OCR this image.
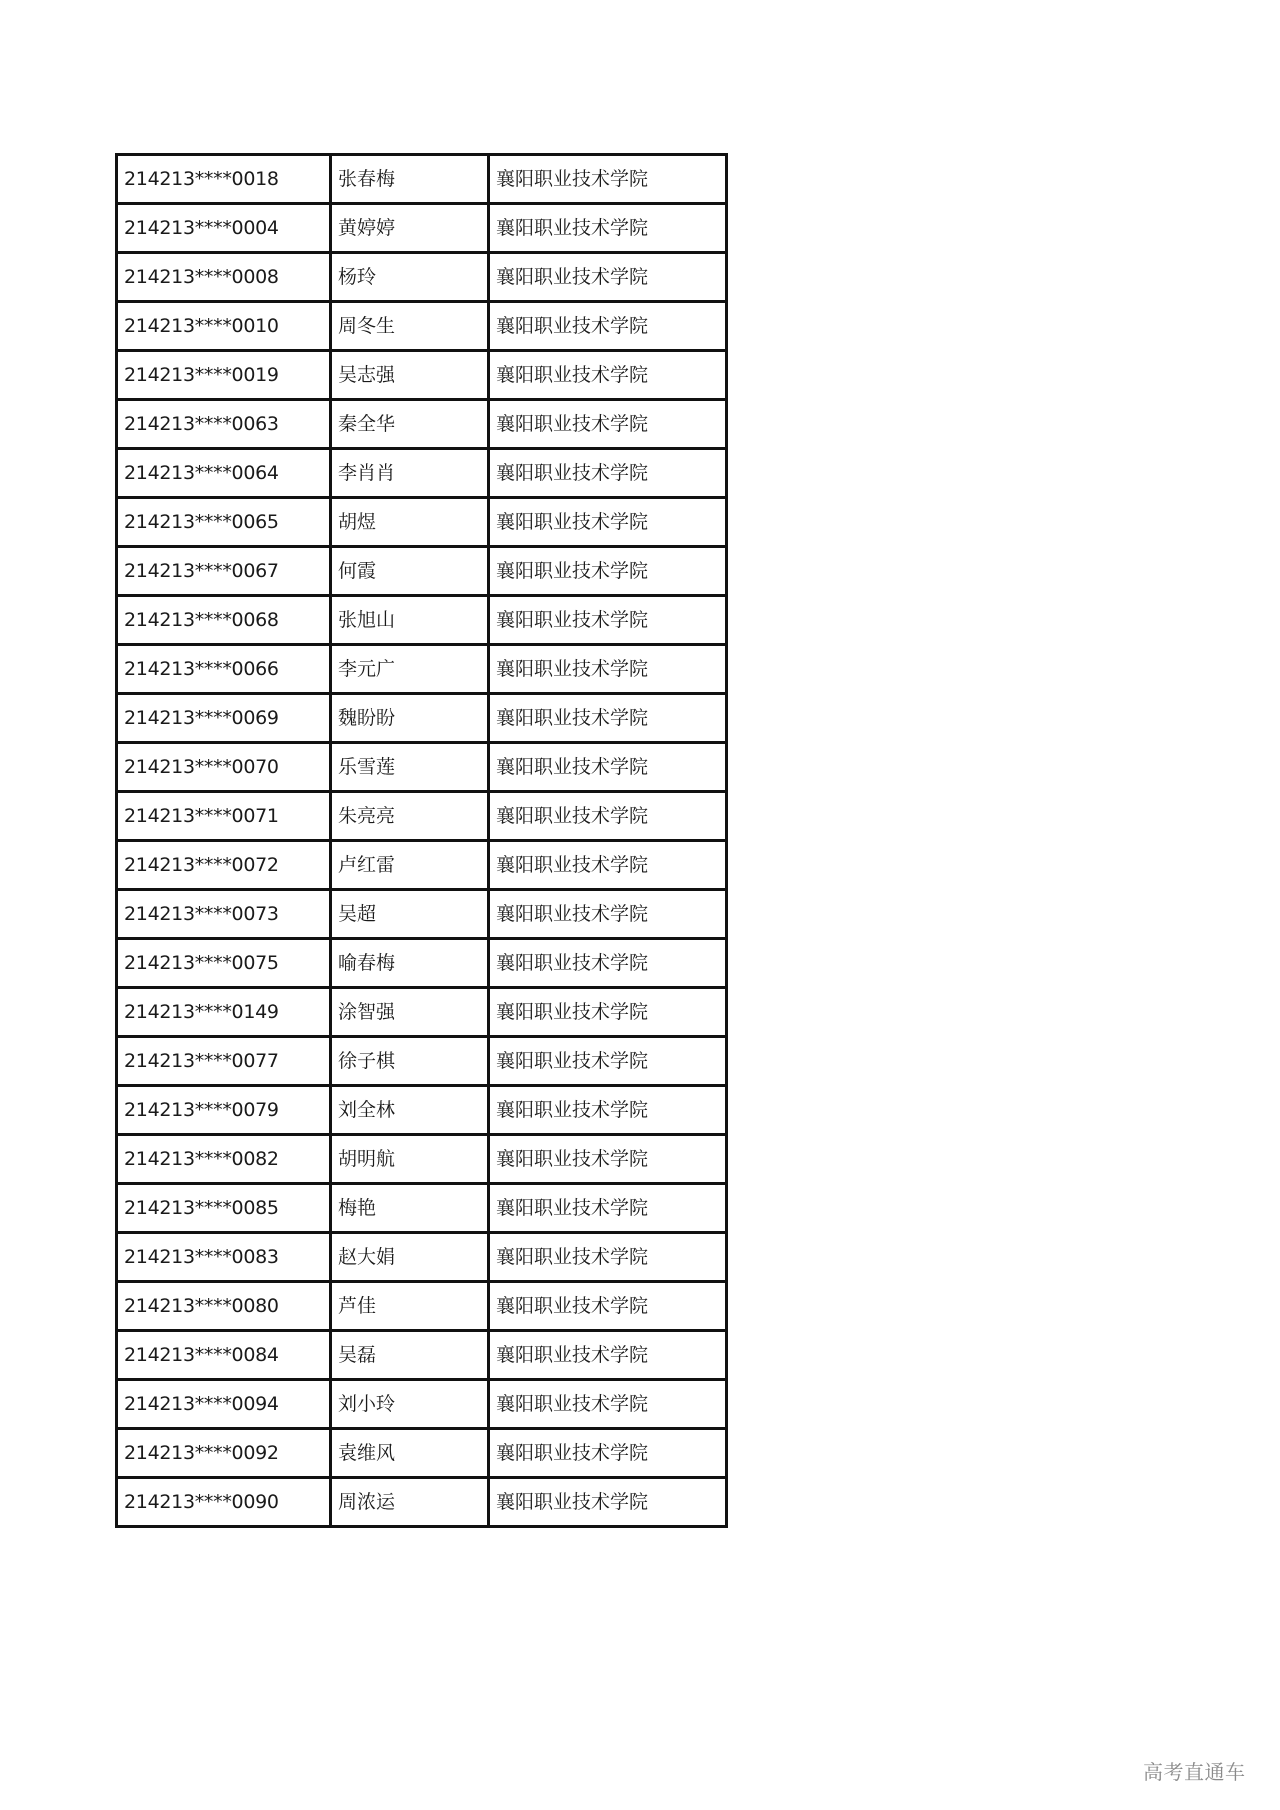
214213****0018	张春梅	襄阳职业技术学院
214213****0004	黄婷婷	襄阳职业技术学院
214213****0008	杨玲	襄阳职业技术学院
214213****0010	周冬生	襄阳职业技术学院
214213****0019	吴志强	襄阳职业技术学院
214213****0063	秦全华	襄阳职业技术学院
214213****0064	李肖肖	襄阳职业技术学院
214213****0065	胡煜	襄阳职业技术学院
214213****0067	何霞	襄阳职业技术学院
214213****0068	张旭山	襄阳职业技术学院
214213****0066	李元广	襄阳职业技术学院
214213****0069	魏盼盼	襄阳职业技术学院
214213****0070	乐雪莲	襄阳职业技术学院
214213****0071	朱亮亮	襄阳职业技术学院
214213****0072	卢红雷	襄阳职业技术学院
214213****0073	吴超	襄阳职业技术学院
214213****0075	喻春梅	襄阳职业技术学院
214213****0149	涂智强	襄阳职业技术学院
214213****0077	徐子棋	襄阳职业技术学院
214213****0079	刘全林	襄阳职业技术学院
214213****0082	胡明航	襄阳职业技术学院
214213****0085	梅艳	襄阳职业技术学院
214213****0083	赵大娟	襄阳职业技术学院
214213****0080	芦佳	襄阳职业技术学院
214213****0084	吴磊	襄阳职业技术学院
214213****0094	刘小玲	襄阳职业技术学院
214213****0092	袁维风	襄阳职业技术学院
214213****0090	周浓运	襄阳职业技术学院
高考直通车
